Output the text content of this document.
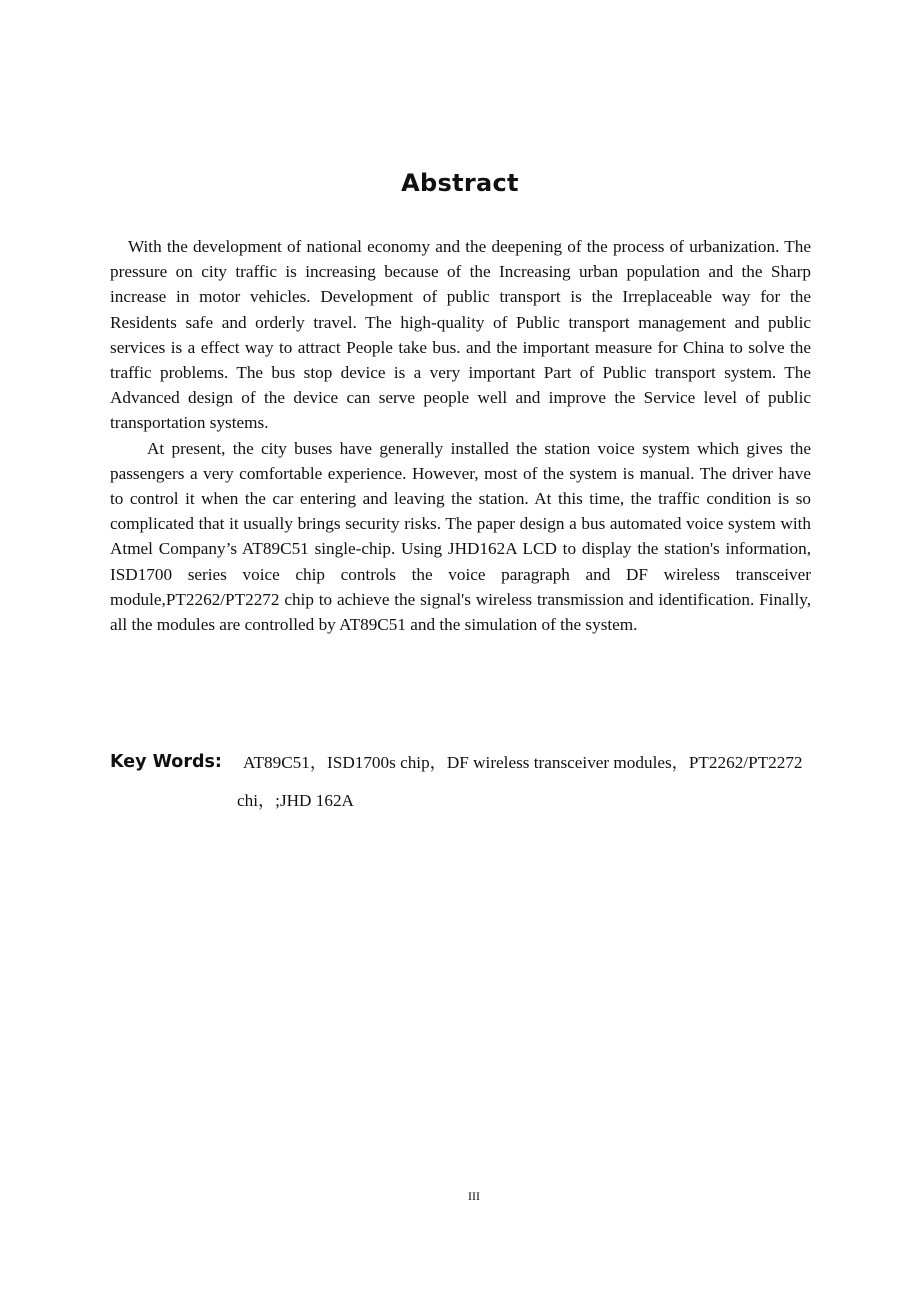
Abstract

With the development of national economy and the deepening of the process of urbanization. The pressure on city traffic is increasing because of the Increasing urban population and the Sharp increase in motor vehicles. Development of public transport is the Irreplaceable way for the Residents safe and orderly travel. The high-quality of Public transport management and public services is a effect way to attract People take bus. and the important measure for China to solve the traffic problems. The bus stop device is a very important Part of Public transport system. The Advanced design of the device can serve people well and improve the Service level of public transportation systems.

At present, the city buses have generally installed the station voice system which gives the passengers a very comfortable experience. However, most of the system is manual. The driver have to control it when the car entering and leaving the station. At this time, the traffic condition is so complicated that it usually brings security risks. The paper design a bus automated voice system with Atmel Company’s AT89C51 single-chip. Using JHD162A LCD to display the station's information, ISD1700 series voice chip controls the voice paragraph and DF wireless transceiver module,PT2262/PT2272 chip to achieve the signal's wireless transmission and identification. Finally, all the modules are controlled by AT89C51 and the simulation of the system.

Key Words: AT89C51，ISD1700s chip，DF wireless transceiver modules，PT2262/PT2272
chi，;JHD 162A
III
